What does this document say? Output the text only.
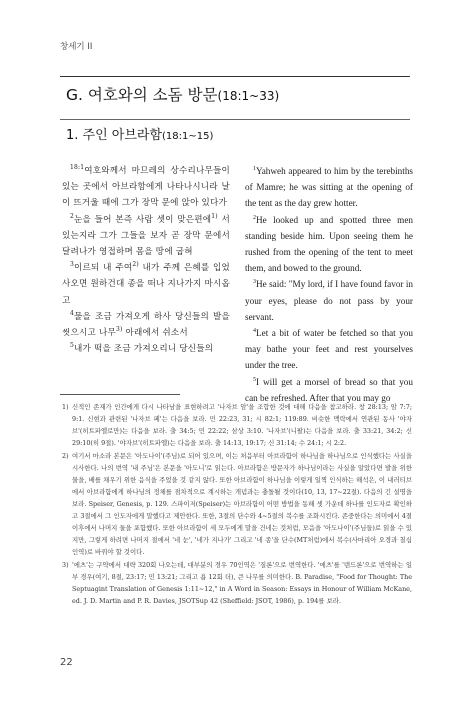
창세기 II
G. 여호와의 소돔 방문(18:1~33)
1. 주인 아브라함(18:1~15)

$^{18:1}$여호와께서 마므레의 상수리나무들이 있는 곳에서 아브라함에게 나타나시니라 날이 뜨거울 때에 그가 장막 문에 앉아 있다가

$^2$눈을 들어 본즉 사람 셋이 맞은편에$^{1)}$ 서 있는지라 그가 그들을 보자 곧 장막 문에서 달려나가 영접하며 몸을 땅에 굽혀

$^3$이르되 내 주여$^{2)}$ 내가 주께 은혜를 입었사오면 원하건대 종을 떠나 지나가지 마시옵고

$^4$물을 조금 가져오게 하사 당신들의 발을 씻으시고 나무$^{3)}$ 아래에서 쉬소서

$^5$내가 떡을 조금 가져오리니 당신들의

$^1$Yahweh appeared to him by the terebinths of Mamre; he was sitting at the opening of the tent as the day grew hotter.

$^2$He looked up and spotted three men standing beside him. Upon seeing them he rushed from the opening of the tent to meet them, and bowed to the ground.

$^3$He said: "My lord, if I have found favor in your eyes, please do not pass by your servant.

$^4$Let a bit of water be fetched so that you may bathe your feet and rest yourselves under the tree.

$^5$I will get a morsel of bread so that you can be refreshed. After that you may go

1) 신적인 존재가 인간에게 다시 나타남을 표현하려고 '나자브 암'을 조합한 것에 대해 다음을 참고하라. 창 28:13; 암 7:7; 9:1. 신현과 관련된 '나자브 페'는 다음을 보라. 민 22:23, 31; 시 82:1; 119:89. 비슷한 맥락에서 연관된 동사 '야자브'(히트파엘로만)는 다음을 보라. 출 34:5; 민 22:22; 삼상 3:10. '나자브'(니팔)는 다음을 보라. 출 33:21, 34:2; 신 29:10(히 9절). '야자브'(히트파엘)는 다음을 보라. 출 14:13, 19:17; 신 31:14; 수 24:1; 시 2:2.

2) 여기서 마소라 본문은 '아도나이'(주님)로 되어 있으며, 이는 처음부터 아브라함이 하나님을 하나님으로 인식했다는 사실을 시사한다. 나의 번역 '내 주님'은 본문을 '아도니'로 읽는다. 아브라함은 방문자가 하나님이라는 사실을 알았다면 발을 위한 물을, 배를 채우기 위한 음식을 주었을 것 같지 않다. 또한 아브라함이 하나님을 이렇게 일찍 인식하는 해석은, 이 내러티브에서 아브라함에게 하나님의 정체를 점차적으로 계시하는 개념과는 충돌될 것이다(10, 13, 17~22절). 다음의 긴 설명을 보라. Speiser, Genesis, p. 129. 스파이저(Speiser)는 아브라함이 어떤 방법을 동해 셋 가운데 하나를 인도자로 확인하고 3절에서 그 인도자에게 말했다고 제안한다. 또한, 3절의 단수와 4~5절의 복수를 조화시킨다. 존중한다는 의미에서 4절 이후에서 나머지 둘을 포함했다. 또한 아브라함이 세 모두에게 말을 건네는 것처럼, 모음을 '아도나이'(주님들)로 읽을 수 있지만, 그렇게 하려면 나머지 절에서 '네 눈', '네가 지나가' 그리고 '네 종'을 단수(MT처럼)에서 복수(사마리아 오경과 칠십인역)로 바꿔야 할 것이다.

3) '에츠'는 구약에서 대략 320회 나오는데, 대부분의 경우 70인역은 '질론'으로 번역한다. '에츠'를 '덴드론'으로 번역하는 일부 경우(여기, 8절, 23:17; 민 13:21; 그리고 욥 12회 더), 큰 나무를 의미한다. B. Paradise, "Food for Thought: The Septuagint Translation of Genesis 1:11~12," in A Word in Season: Essays in Honour of William McKane, ed. J. D. Martin and P. R. Davies, JSOTSup 42 (Sheffield: JSOT, 1986), p. 194를 보라.

22
